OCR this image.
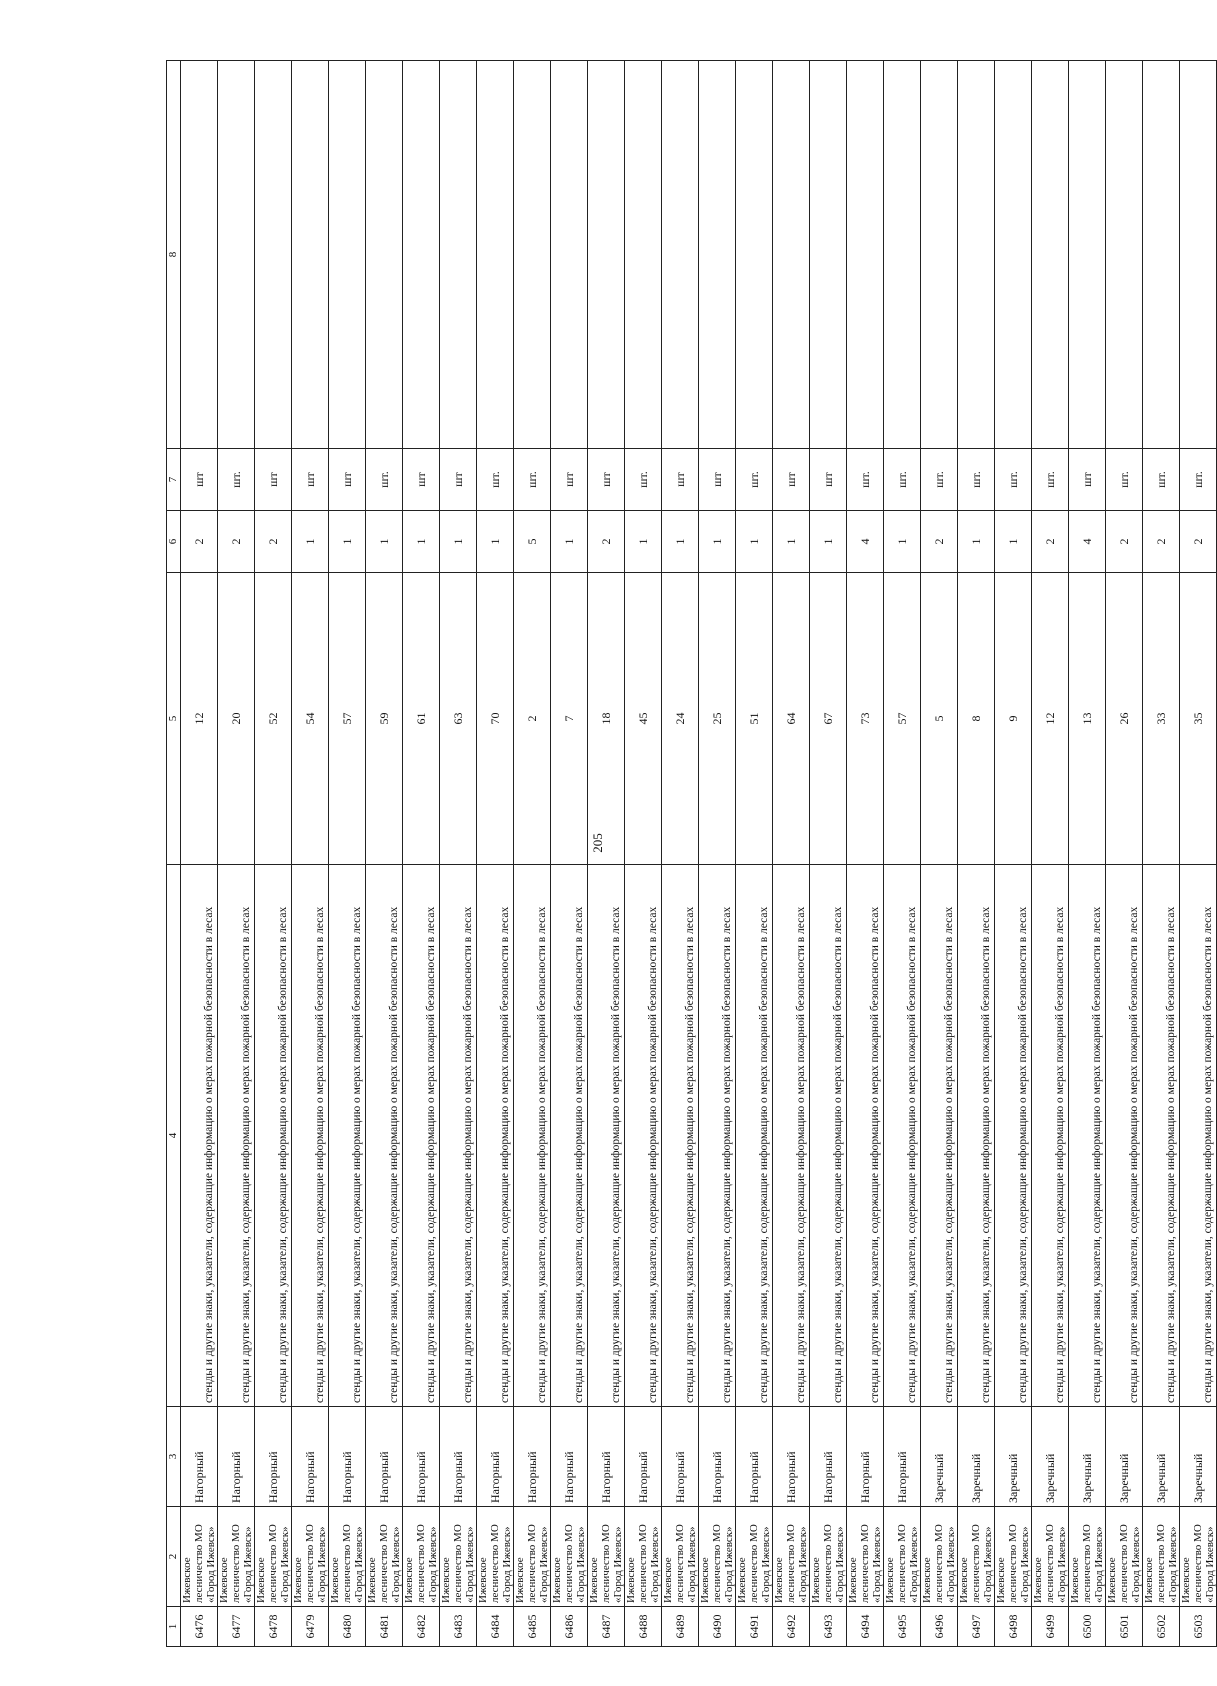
205
1	2	3	4	5	6	7	8
6476	Ижевское лесничество МО «Город Ижевск»	Нагорный	стенды и другие знаки, указатели, содержащие информацию о мерах пожарной безопасности в лесах	12	2	шт	
6477	Ижевское лесничество МО «Город Ижевск»	Нагорный	стенды и другие знаки, указатели, содержащие информацию о мерах пожарной безопасности в лесах	20	2	шт.	
6478	Ижевское лесничество МО «Город Ижевск»	Нагорный	стенды и другие знаки, указатели, содержащие информацию о мерах пожарной безопасности в лесах	52	2	шт	
6479	Ижевское лесничество МО «Город Ижевск»	Нагорный	стенды и другие знаки, указатели, содержащие информацию о мерах пожарной безопасности в лесах	54	1	шт	
6480	Ижевское лесничество МО «Город Ижевск»	Нагорный	стенды и другие знаки, указатели, содержащие информацию о мерах пожарной безопасности в лесах	57	1	шт	
6481	Ижевское лесничество МО «Город Ижевск»	Нагорный	стенды и другие знаки, указатели, содержащие информацию о мерах пожарной безопасности в лесах	59	1	шт.	
6482	Ижевское лесничество МО «Город Ижевск»	Нагорный	стенды и другие знаки, указатели, содержащие информацию о мерах пожарной безопасности в лесах	61	1	шт	
6483	Ижевское лесничество МО «Город Ижевск»	Нагорный	стенды и другие знаки, указатели, содержащие информацию о мерах пожарной безопасности в лесах	63	1	шт	
6484	Ижевское лесничество МО «Город Ижевск»	Нагорный	стенды и другие знаки, указатели, содержащие информацию о мерах пожарной безопасности в лесах	70	1	шт.	
6485	Ижевское лесничество МО «Город Ижевск»	Нагорный	стенды и другие знаки, указатели, содержащие информацию о мерах пожарной безопасности в лесах	2	5	шт.	
6486	Ижевское лесничество МО «Город Ижевск»	Нагорный	стенды и другие знаки, указатели, содержащие информацию о мерах пожарной безопасности в лесах	7	1	шт	
6487	Ижевское лесничество МО «Город Ижевск»	Нагорный	стенды и другие знаки, указатели, содержащие информацию о мерах пожарной безопасности в лесах	18	2	шт	
6488	Ижевское лесничество МО «Город Ижевск»	Нагорный	стенды и другие знаки, указатели, содержащие информацию о мерах пожарной безопасности в лесах	45	1	шт.	
6489	Ижевское лесничество МО «Город Ижевск»	Нагорный	стенды и другие знаки, указатели, содержащие информацию о мерах пожарной безопасности в лесах	24	1	шт	
6490	Ижевское лесничество МО «Город Ижевск»	Нагорный	стенды и другие знаки, указатели, содержащие информацию о мерах пожарной безопасности в лесах	25	1	шт	
6491	Ижевское лесничество МО «Город Ижевск»	Нагорный	стенды и другие знаки, указатели, содержащие информацию о мерах пожарной безопасности в лесах	51	1	шт.	
6492	Ижевское лесничество МО «Город Ижевск»	Нагорный	стенды и другие знаки, указатели, содержащие информацию о мерах пожарной безопасности в лесах	64	1	шт	
6493	Ижевское лесничество МО «Город Ижевск»	Нагорный	стенды и другие знаки, указатели, содержащие информацию о мерах пожарной безопасности в лесах	67	1	шт	
6494	Ижевское лесничество МО «Город Ижевск»	Нагорный	стенды и другие знаки, указатели, содержащие информацию о мерах пожарной безопасности в лесах	73	4	шт.	
6495	Ижевское лесничество МО «Город Ижевск»	Нагорный	стенды и другие знаки, указатели, содержащие информацию о мерах пожарной безопасности в лесах	57	1	шт.	
6496	Ижевское лесничество МО «Город Ижевск»	Заречный	стенды и другие знаки, указатели, содержащие информацию о мерах пожарной безопасности в лесах	5	2	шт.	
6497	Ижевское лесничество МО «Город Ижевск»	Заречный	стенды и другие знаки, указатели, содержащие информацию о мерах пожарной безопасности в лесах	8	1	шт.	
6498	Ижевское лесничество МО «Город Ижевск»	Заречный	стенды и другие знаки, указатели, содержащие информацию о мерах пожарной безопасности в лесах	9	1	шт.	
6499	Ижевское лесничество МО «Город Ижевск»	Заречный	стенды и другие знаки, указатели, содержащие информацию о мерах пожарной безопасности в лесах	12	2	шт.	
6500	Ижевское лесничество МО «Город Ижевск»	Заречный	стенды и другие знаки, указатели, содержащие информацию о мерах пожарной безопасности в лесах	13	4	шт	
6501	Ижевское лесничество МО «Город Ижевск»	Заречный	стенды и другие знаки, указатели, содержащие информацию о мерах пожарной безопасности в лесах	26	2	шт.	
6502	Ижевское лесничество МО «Город Ижевск»	Заречный	стенды и другие знаки, указатели, содержащие информацию о мерах пожарной безопасности в лесах	33	2	шт.	
6503	Ижевское лесничество МО «Город Ижевск»	Заречный	стенды и другие знаки, указатели, содержащие информацию о мерах пожарной безопасности в лесах	35	2	шт.	
